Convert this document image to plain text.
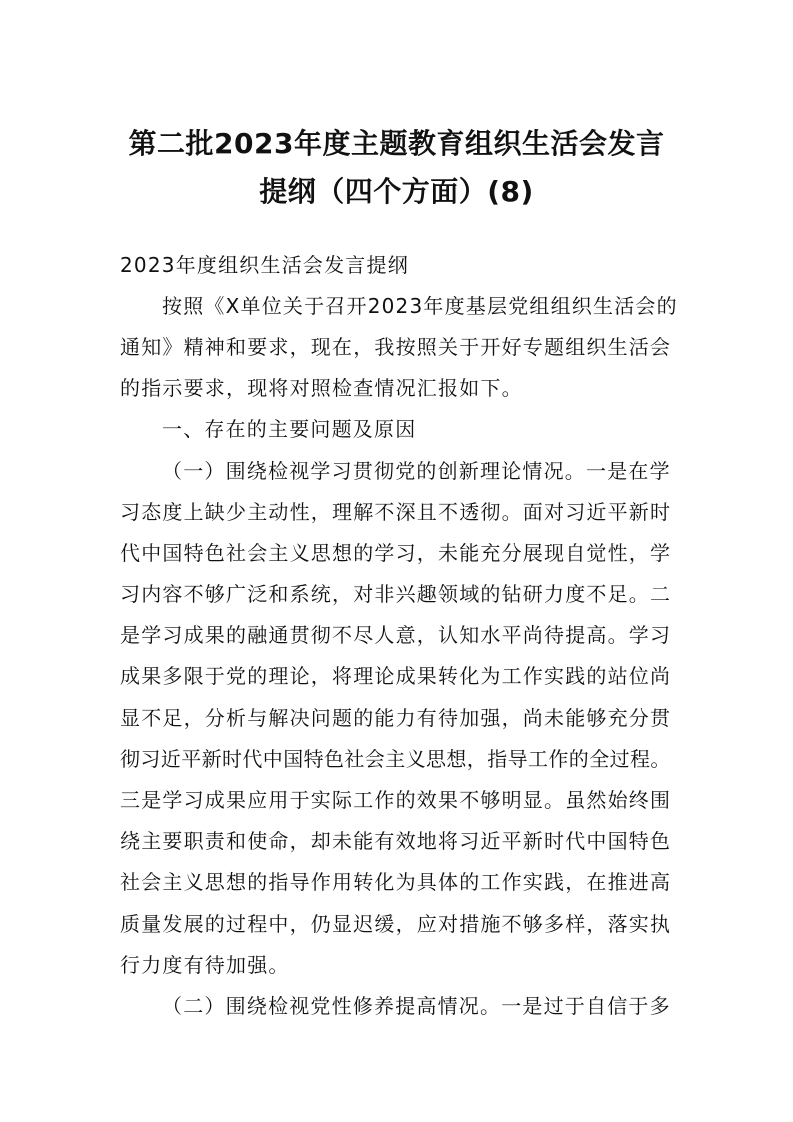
第二批2023年度主题教育组织生活会发言
提纲（四个方面）(8)
2023年度组织生活会发言提纲
按照《X单位关于召开2023年度基层党组组织生活会的
通知》精神和要求，现在，我按照关于开好专题组织生活会
的指示要求，现将对照检查情况汇报如下。
一、存在的主要问题及原因
（一）围绕检视学习贯彻党的创新理论情况。一是在学
习态度上缺少主动性，理解不深且不透彻。面对习近平新时
代中国特色社会主义思想的学习，未能充分展现自觉性，学
习内容不够广泛和系统，对非兴趣领域的钻研力度不足。二
是学习成果的融通贯彻不尽人意，认知水平尚待提高。学习
成果多限于党的理论，将理论成果转化为工作实践的站位尚
显不足，分析与解决问题的能力有待加强，尚未能够充分贯
彻习近平新时代中国特色社会主义思想，指导工作的全过程。
三是学习成果应用于实际工作的效果不够明显。虽然始终围
绕主要职责和使命，却未能有效地将习近平新时代中国特色
社会主义思想的指导作用转化为具体的工作实践，在推进高
质量发展的过程中，仍显迟缓，应对措施不够多样，落实执
行力度有待加强。
（二）围绕检视党性修养提高情况。一是过于自信于多
